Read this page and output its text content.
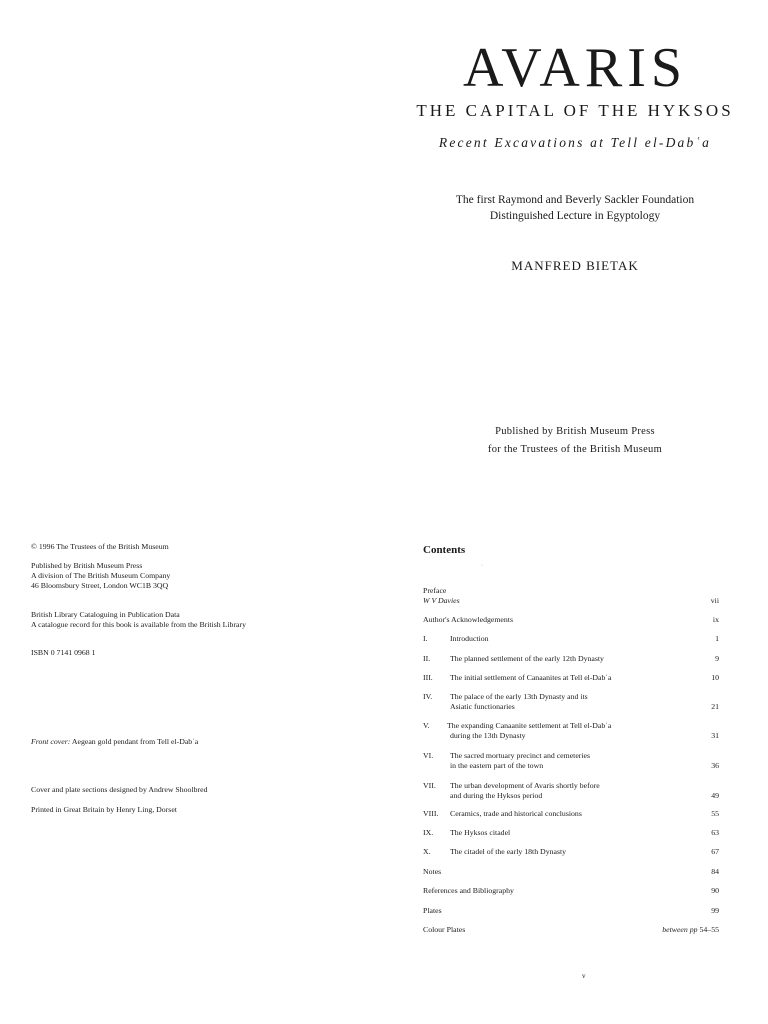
AVARIS
THE CAPITAL OF THE HYKSOS
Recent Excavations at Tell el-Dabʿa
The first Raymond and Beverly Sackler Foundation
Distinguished Lecture in Egyptology
MANFRED BIETAK
Published by British Museum Press
for the Trustees of the British Museum
© 1996 The Trustees of the British Museum
Published by British Museum Press
A division of The British Museum Company
46 Bloomsbury Street, London WC1B 3QQ
British Library Cataloguing in Publication Data
A catalogue record for this book is available from the British Library
ISBN 0 7141 0968 1
Front cover: Aegean gold pendant from Tell el-Dabʿa
Cover and plate sections designed by Andrew Shoolbred
Printed in Great Britain by Henry Ling, Dorset
Contents
·
Preface
W V Davies	vii
Author's Acknowledgements	ix
I.	Introduction	1
II.	The planned settlement of the early 12th Dynasty	9
III. The initial settlement of Canaanites at Tell el-Dabʿa	10
IV. The palace of the early 13th Dynasty and its
Asiatic functionaries	21
V. The expanding Canaanite settlement at Tell el-Dabʿa
during the 13th Dynasty	31
VI. The sacred mortuary precinct and cemeteries
in the eastern part of the town	36
VII. The urban development of Avaris shortly before
and during the Hyksos period	49
VIII. Ceramics, trade and historical conclusions	55
IX. The Hyksos citadel	63
X. The citadel of the early 18th Dynasty	67
Notes	84
References and Bibliography	90
Plates	99
Colour Plates	between pp 54–55
v
